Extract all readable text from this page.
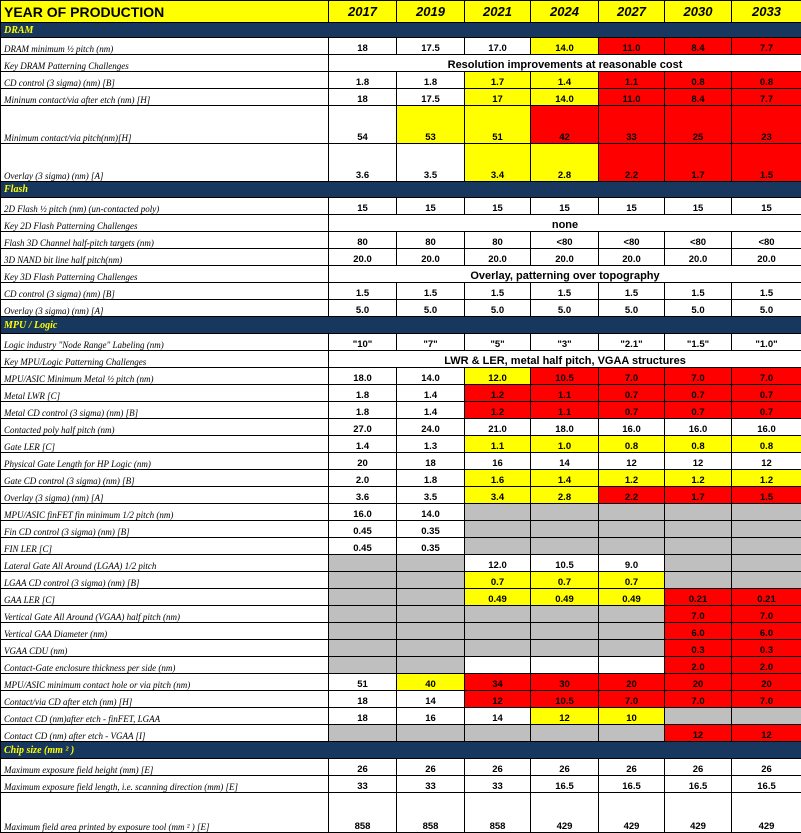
YEAR OF PRODUCTION	2017	2019	2021	2024	2027	2030	2033
DRAM							
DRAM minimum ½ pitch (nm)	18	17.5	17.0	14.0	11.0	8.4	7.7
Key DRAM Patterning Challenges	Resolution improvements at reasonable cost						
CD control (3 sigma) (nm) [B]	1.8	1.8	1.7	1.4	1.1	0.8	0.8
Mininum contact/via after etch (nm) [H]	18	17.5	17	14.0	11.0	8.4	7.7
Minimum contact/via pitch(nm)[H]	54	53	51	42	33	25	23
Overlay (3 sigma) (nm) [A]	3.6	3.5	3.4	2.8	2.2	1.7	1.5
Flash							
2D Flash ½ pitch (nm) (un-contacted poly)	15	15	15	15	15	15	15
Key 2D Flash Patterning Challenges	none						
Flash 3D Channel half-pitch targets (nm)	80	80	80	<80	<80	<80	<80
3D NAND bit line half pitch(nm)	20.0	20.0	20.0	20.0	20.0	20.0	20.0
Key 3D Flash Patterning Challenges	Overlay, patterning over topography						
CD control (3 sigma) (nm) [B]	1.5	1.5	1.5	1.5	1.5	1.5	1.5
Overlay (3 sigma) (nm) [A]	5.0	5.0	5.0	5.0	5.0	5.0	5.0
MPU / Logic							
Logic industry "Node Range" Labeling (nm)	"10"	"7"	"5"	"3"	"2.1"	"1.5"	"1.0"
Key MPU/Logic Patterning Challenges	LWR & LER, metal half pitch, VGAA structures						
MPU/ASIC Minimum Metal ½ pitch (nm)	18.0	14.0	12.0	10.5	7.0	7.0	7.0
Metal LWR [C]	1.8	1.4	1.2	1.1	0.7	0.7	0.7
Metal CD control (3 sigma) (nm) [B]	1.8	1.4	1.2	1.1	0.7	0.7	0.7
Contacted poly half pitch (nm)	27.0	24.0	21.0	18.0	16.0	16.0	16.0
Gate LER [C]	1.4	1.3	1.1	1.0	0.8	0.8	0.8
Physical Gate Length for HP Logic (nm)	20	18	16	14	12	12	12
Gate CD control (3 sigma) (nm) [B]	2.0	1.8	1.6	1.4	1.2	1.2	1.2
Overlay (3 sigma) (nm) [A]	3.6	3.5	3.4	2.8	2.2	1.7	1.5
MPU/ASIC finFET fin minimum 1/2 pitch (nm)	16.0	14.0					
Fin CD control (3 sigma) (nm) [B]	0.45	0.35					
FIN LER [C]	0.45	0.35					
Lateral Gate All Around (LGAA) 1/2 pitch			12.0	10.5	9.0		
LGAA CD control (3 sigma) (nm) [B]			0.7	0.7	0.7		
GAA LER [C]			0.49	0.49	0.49	0.21	0.21
Vertical Gate All Around (VGAA) half pitch (nm)						7.0	7.0
Vertical GAA Diameter (nm)						6.0	6.0
VGAA CDU (nm)						0.3	0.3
Contact-Gate enclosure thickness per side (nm)						2.0	2.0
MPU/ASIC minimum contact hole or via pitch (nm)	51	40	34	30	20	20	20
Contact/via CD after etch (nm) [H]	18	14	12	10.5	7.0	7.0	7.0
Contact CD (nm)after etch - finFET, LGAA	18	16	14	12	10		
Contact CD (nm) after etch - VGAA [I]						12	12
Chip size (mm ² )							
Maximum exposure field height (mm) [E]	26	26	26	26	26	26	26
Maximum exposure field length, i.e. scanning direction (mm) [E]	33	33	33	16.5	16.5	16.5	16.5
Maximum field area printed by exposure tool (mm ² ) [E]	858	858	858	429	429	429	429
